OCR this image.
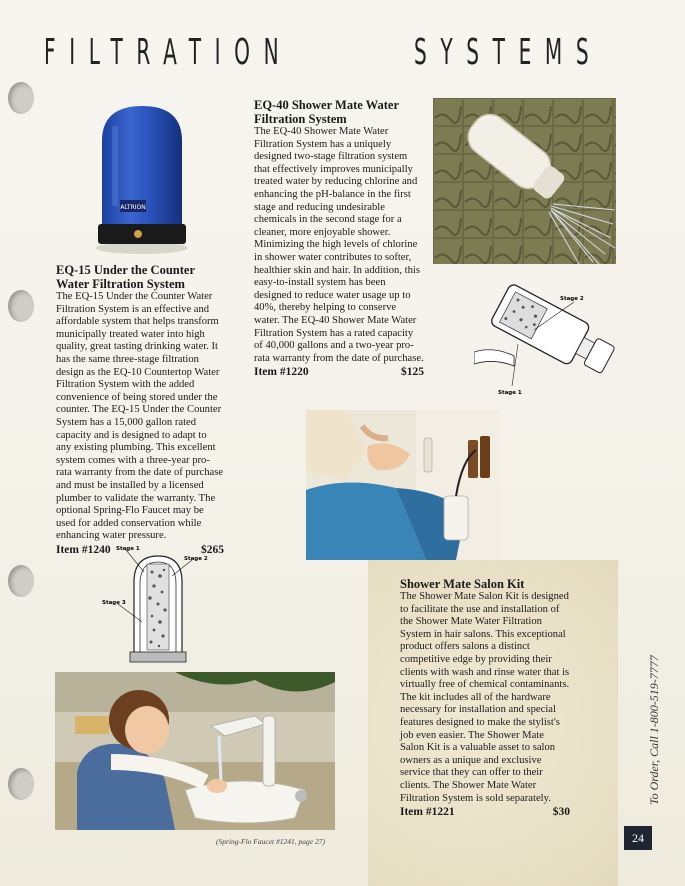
FILTRATION	SYSTEMS
ALTRION
EQ-15 Under the Counter Water Filtration System
The EQ-15 Under the Counter Water Filtration System is an effective and affordable system that helps transform municipally treated water into high quality, great tasting drinking water. It has the same three-stage filtration design as the EQ-10 Countertop Water Filtration System with the added convenience of being stored under the counter. The EQ-15 Under the Counter System has a 15,000 gallon rated capacity and is designed to adapt to any existing plumbing. This excellent system comes with a three-year pro-rata warranty from the date of purchase and must be installed by a licensed plumber to validate the warranty. The optional Spring-Flo Faucet may be used for added conservation while enhancing water pressure.
Item #1240	$265
Stage 1
Stage 2
Stage 3
EQ-40 Shower Mate Water Filtration System
The EQ-40 Shower Mate Water Filtration System has a uniquely designed two-stage filtration system that effectively improves municipally treated water by reducing chlorine and enhancing the pH-balance in the first stage and reducing undesirable chemicals in the second stage for a cleaner, more enjoyable shower. Minimizing the high levels of chlorine in shower water contributes to softer, healthier skin and hair. In addition, this easy-to-install system has been designed to reduce water usage up to 40%, thereby helping to conserve water. The EQ-40 Shower Mate Water Filtration System has a rated capacity of 40,000 gallons and a two-year pro-rata warranty from the date of purchase.
Item #1220	$125
Stage 2
Stage 1
Shower Mate Salon Kit
The Shower Mate Salon Kit is designed to facilitate the use and installation of the Shower Mate Water Filtration System in hair salons. This exceptional product offers salons a distinct competitive edge by providing their clients with wash and rinse water that is virtually free of chemical contaminants. The kit includes all of the hardware necessary for installation and special features designed to make the stylist's job even easier. The Shower Mate Salon Kit is a valuable asset to salon owners as a unique and exclusive service that they can offer to their clients. The Shower Mate Water Filtration System is sold separately.
Item #1221	$30
(Spring-Flo Faucet #1241, page 27)
To Order, Call 1-800-519-7777
24
